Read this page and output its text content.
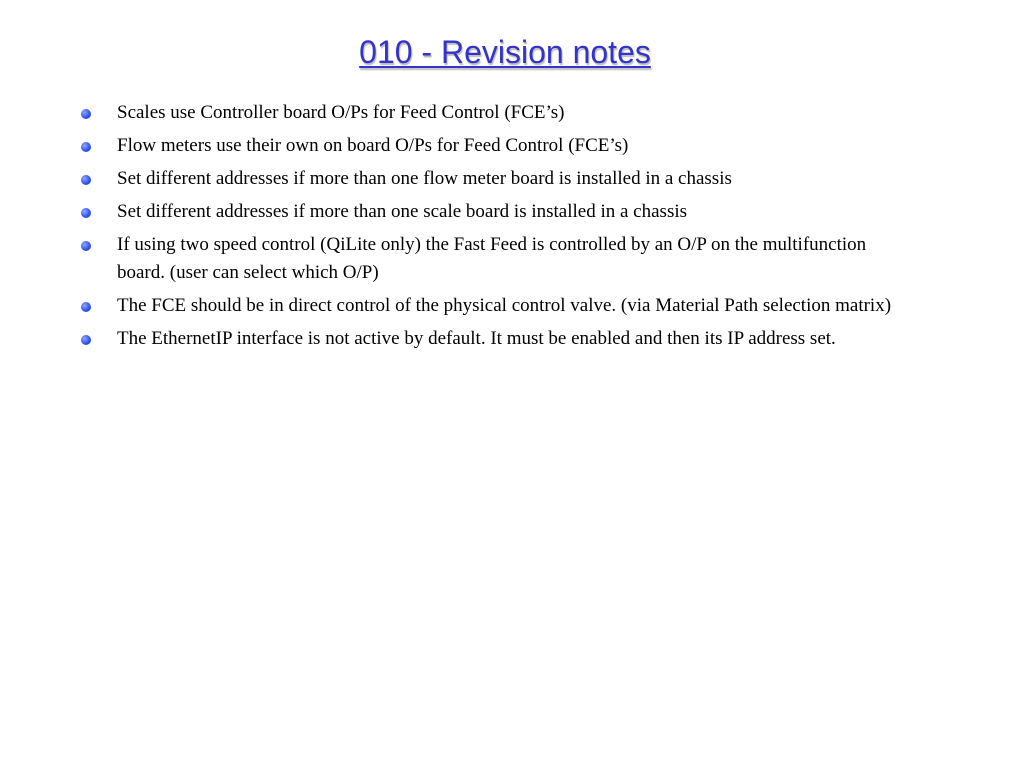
010 - Revision notes
Scales use Controller board O/Ps for Feed Control (FCE’s)
Flow meters use their own on board O/Ps for Feed Control (FCE’s)
Set different addresses if more than one flow meter board is installed in a chassis
Set different addresses if more than one scale board is installed in a chassis
If using two speed control (QiLite only) the Fast Feed is controlled by an O/P on the multifunction board. (user can select which O/P)
The FCE should be in direct control of the physical control valve. (via Material Path selection matrix)
The EthernetIP interface is not active by default. It must be enabled and then its IP address set.
